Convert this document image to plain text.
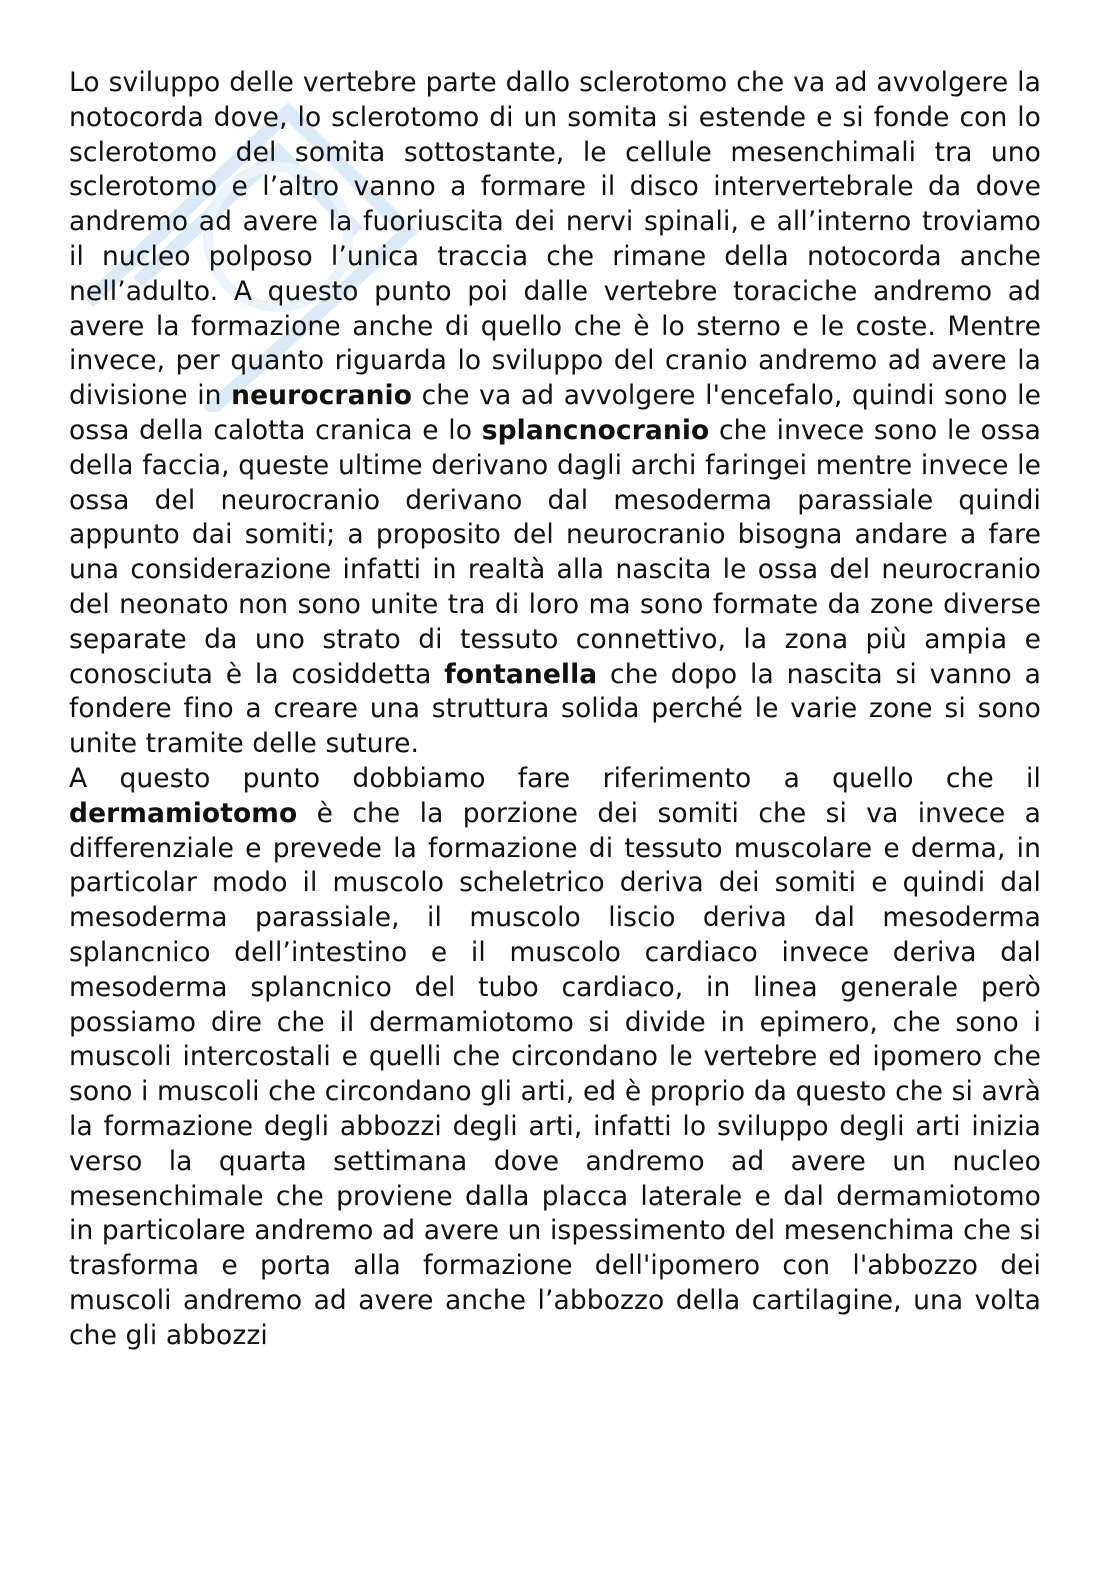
Lo sviluppo delle vertebre parte dallo sclerotomo che va ad avvolgere la notocorda dove, lo sclerotomo di un somita si estende e si fonde con lo sclerotomo del somita sottostante, le cellule mesenchimali tra uno sclerotomo e l’altro vanno a formare il disco intervertebrale da dove andremo ad avere la fuoriuscita dei nervi spinali, e all’interno troviamo il nucleo polposo l’unica traccia che rimane della notocorda anche nell’adulto. A questo punto poi dalle vertebre toraciche andremo ad avere la formazione anche di quello che è lo sterno e le coste. Mentre invece, per quanto riguarda lo sviluppo del cranio andremo ad avere la divisione in neurocranio che va ad avvolgere l'encefalo, quindi sono le ossa della calotta cranica e lo splancnocranio che invece sono le ossa della faccia, queste ultime derivano dagli archi faringei mentre invece le ossa del neurocranio derivano dal mesoderma parassiale quindi appunto dai somiti; a proposito del neurocranio bisogna andare a fare una considerazione infatti in realtà alla nascita le ossa del neurocranio del neonato non sono unite tra di loro ma sono formate da zone diverse separate da uno strato di tessuto connettivo, la zona più ampia e conosciuta è la cosiddetta fontanella che dopo la nascita si vanno a fondere fino a creare una struttura solida perché le varie zone si sono unite tramite delle suture.

A questo punto dobbiamo fare riferimento a quello che il dermamiotomo è che la porzione dei somiti che si va invece a differenziale e prevede la formazione di tessuto muscolare e derma, in particolar modo il muscolo scheletrico deriva dei somiti e quindi dal mesoderma parassiale, il muscolo liscio deriva dal mesoderma splancnico dell’intestino e il muscolo cardiaco invece deriva dal mesoderma splancnico del tubo cardiaco, in linea generale però possiamo dire che il dermamiotomo si divide in epimero, che sono i muscoli intercostali e quelli che circondano le vertebre ed ipomero che sono i muscoli che circondano gli arti, ed è proprio da questo che si avrà la formazione degli abbozzi degli arti, infatti lo sviluppo degli arti inizia verso la quarta settimana dove andremo ad avere un nucleo mesenchimale che proviene dalla placca laterale e dal dermamiotomo in particolare andremo ad avere un ispessimento del mesenchima che si trasforma e porta alla formazione dell'ipomero con l'abbozzo dei muscoli andremo ad avere anche l’abbozzo della cartilagine, una volta che gli abbozzi
